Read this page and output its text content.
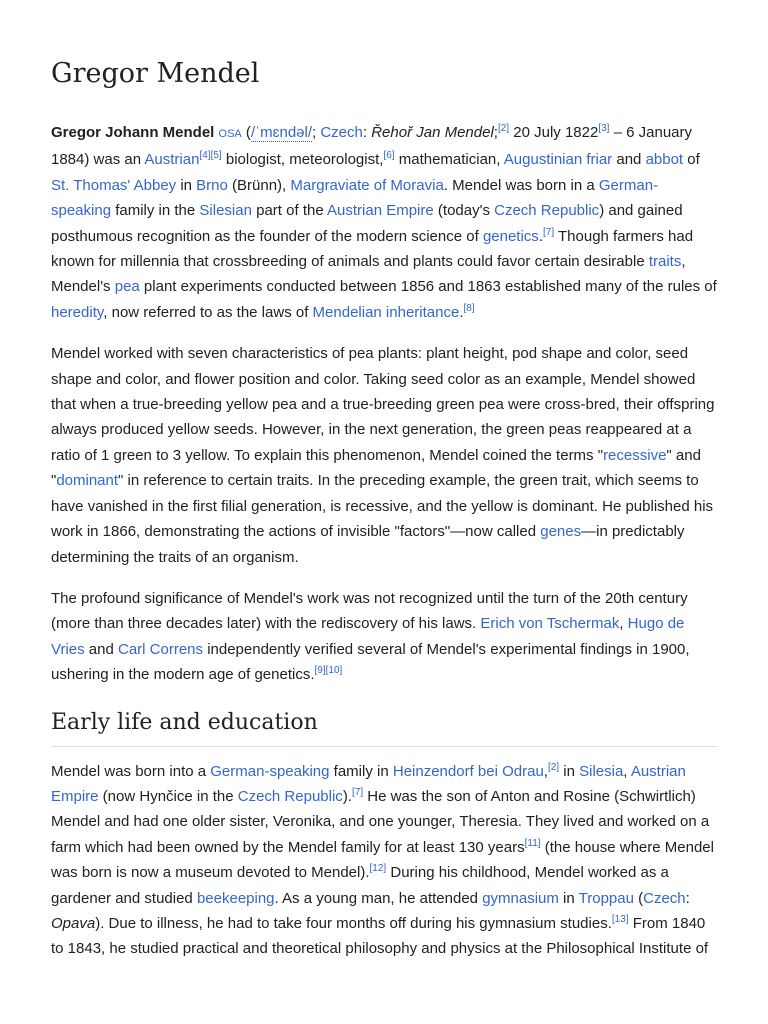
Gregor Mendel

Gregor Johann Mendel OSA (/ˈmɛndəl/; Czech: Řehoř Jan Mendel;[2] 20 July 1822[3] – 6 January 1884) was an Austrian[4][5] biologist, meteorologist,[6] mathematician, Augustinian friar and abbot of St. Thomas' Abbey in Brno (Brünn), Margraviate of Moravia. Mendel was born in a German-speaking family in the Silesian part of the Austrian Empire (today's Czech Republic) and gained posthumous recognition as the founder of the modern science of genetics.[7] Though farmers had known for millennia that crossbreeding of animals and plants could favor certain desirable traits, Mendel's pea plant experiments conducted between 1856 and 1863 established many of the rules of heredity, now referred to as the laws of Mendelian inheritance.[8]

Mendel worked with seven characteristics of pea plants: plant height, pod shape and color, seed shape and color, and flower position and color. Taking seed color as an example, Mendel showed that when a true-breeding yellow pea and a true-breeding green pea were cross-bred, their offspring always produced yellow seeds. However, in the next generation, the green peas reappeared at a ratio of 1 green to 3 yellow. To explain this phenomenon, Mendel coined the terms "recessive" and "dominant" in reference to certain traits. In the preceding example, the green trait, which seems to have vanished in the first filial generation, is recessive, and the yellow is dominant. He published his work in 1866, demonstrating the actions of invisible "factors"—now called genes—in predictably determining the traits of an organism.

The profound significance of Mendel's work was not recognized until the turn of the 20th century (more than three decades later) with the rediscovery of his laws. Erich von Tschermak, Hugo de Vries and Carl Correns independently verified several of Mendel's experimental findings in 1900, ushering in the modern age of genetics.[9][10]

Early life and education

Mendel was born into a German-speaking family in Heinzendorf bei Odrau,[2] in Silesia, Austrian Empire (now Hynčice in the Czech Republic).[7] He was the son of Anton and Rosine (Schwirtlich) Mendel and had one older sister, Veronika, and one younger, Theresia. They lived and worked on a farm which had been owned by the Mendel family for at least 130 years[11] (the house where Mendel was born is now a museum devoted to Mendel).[12] During his childhood, Mendel worked as a gardener and studied beekeeping. As a young man, he attended gymnasium in Troppau (Czech: Opava). Due to illness, he had to take four months off during his gymnasium studies.[13] From 1840 to 1843, he studied practical and theoretical philosophy and physics at the Philosophical Institute of
